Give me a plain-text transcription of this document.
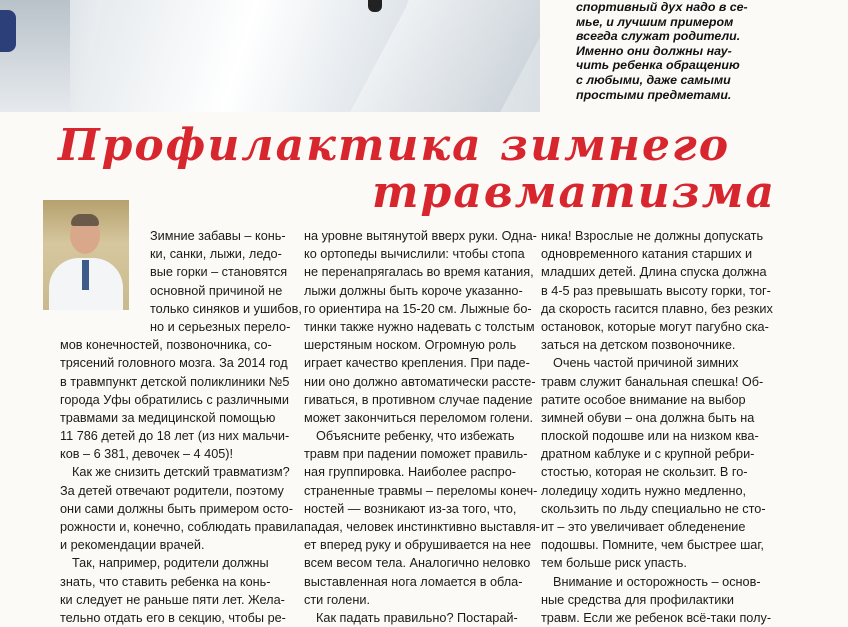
спортивный дух надо в се-
мье, и лучшим примером
всегда служат родители.
Именно они должны нау-
чить ребенка обращению
с любыми, даже самыми
простыми предметами.
Профилактика зимнего
травматизма
Зимние забавы – конь-
ки, санки, лыжи, ледо-
вые горки – становятся
основной причиной не
только синяков и ушибов,
но и серьезных перело-
мов конечностей, позвоночника, со-
трясений головного мозга. За 2014 год
в травмпункт детской поликлиники №5
города Уфы обратились с различными
травмами за медицинской помощью
11 786 детей до 18 лет (из них мальчи-
ков – 6 381, девочек – 4 405)!
Как же снизить детский травматизм?
За детей отвечают родители, поэтому
они сами должны быть примером осто-
рожности и, конечно, соблюдать правила
и рекомендации врачей.
Так, например, родители должны
знать, что ставить ребенка на конь-
ки следует не раньше пяти лет. Жела-
тельно отдать его в секцию, чтобы ре-
на уровне вытянутой вверх руки. Одна-
ко ортопеды вычислили: чтобы стопа
не перенапрягалась во время катания,
лыжи должны быть короче указанно-
го ориентира на 15-20 см. Лыжные бо-
тинки также нужно надевать с толстым
шерстяным носком. Огромную роль
играет качество крепления. При паде-
нии оно должно автоматически рассте-
гиваться, в противном случае падение
может закончиться переломом голени.
Объясните ребенку, что избежать
травм при падении поможет правиль-
ная группировка. Наиболее распро-
страненные травмы – переломы конеч-
ностей — возникают из-за того, что,
падая, человек инстинктивно выставля-
ет вперед руку и обрушивается на нее
всем весом тела. Аналогично неловко
выставленная нога ломается в обла-
сти голени.
Как падать правильно? Постарай-
ника! Взрослые не должны допускать
одновременного катания старших и
младших детей. Длина спуска должна
в 4-5 раз превышать высоту горки, тог-
да скорость гасится плавно, без резких
остановок, которые могут пагубно ска-
заться на детском позвоночнике.
Очень частой причиной зимних
травм служит банальная спешка! Об-
ратите особое внимание на выбор
зимней обуви – она должна быть на
плоской подошве или на низком ква-
дратном каблуке и с крупной ребри-
стостью, которая не скользит. В го-
лоледицу ходить нужно медленно,
скользить по льду специально не сто-
ит – это увеличивает обледенение
подошвы. Помните, чем быстрее шаг,
тем больше риск упасть.
Внимание и осторожность – основ-
ные средства для профилактики
травм. Если же ребенок всё-таки полу-
